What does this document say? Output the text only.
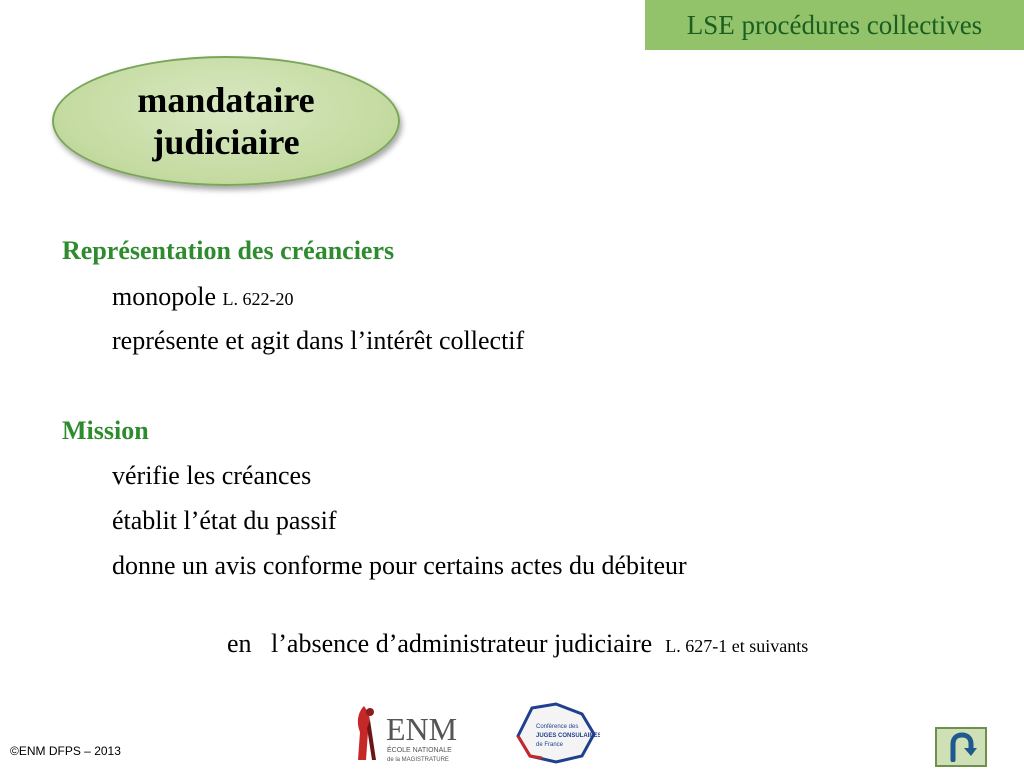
LSE procédures collectives
mandataire
judiciaire
Représentation des créanciers
monopole L. 622-20
représente et agit dans l’intérêt collectif
Mission
vérifie les créances
établit l’état du passif
donne un avis conforme pour certains actes du débiteur

en   l’absence d’administrateur judiciaire  L. 627-1 et suivants

©ENM DFPS – 2013
ENM
ÉCOLE NATIONALE
de la MAGISTRATURE
Conférence des
JUGES CONSULAIRES
de France
